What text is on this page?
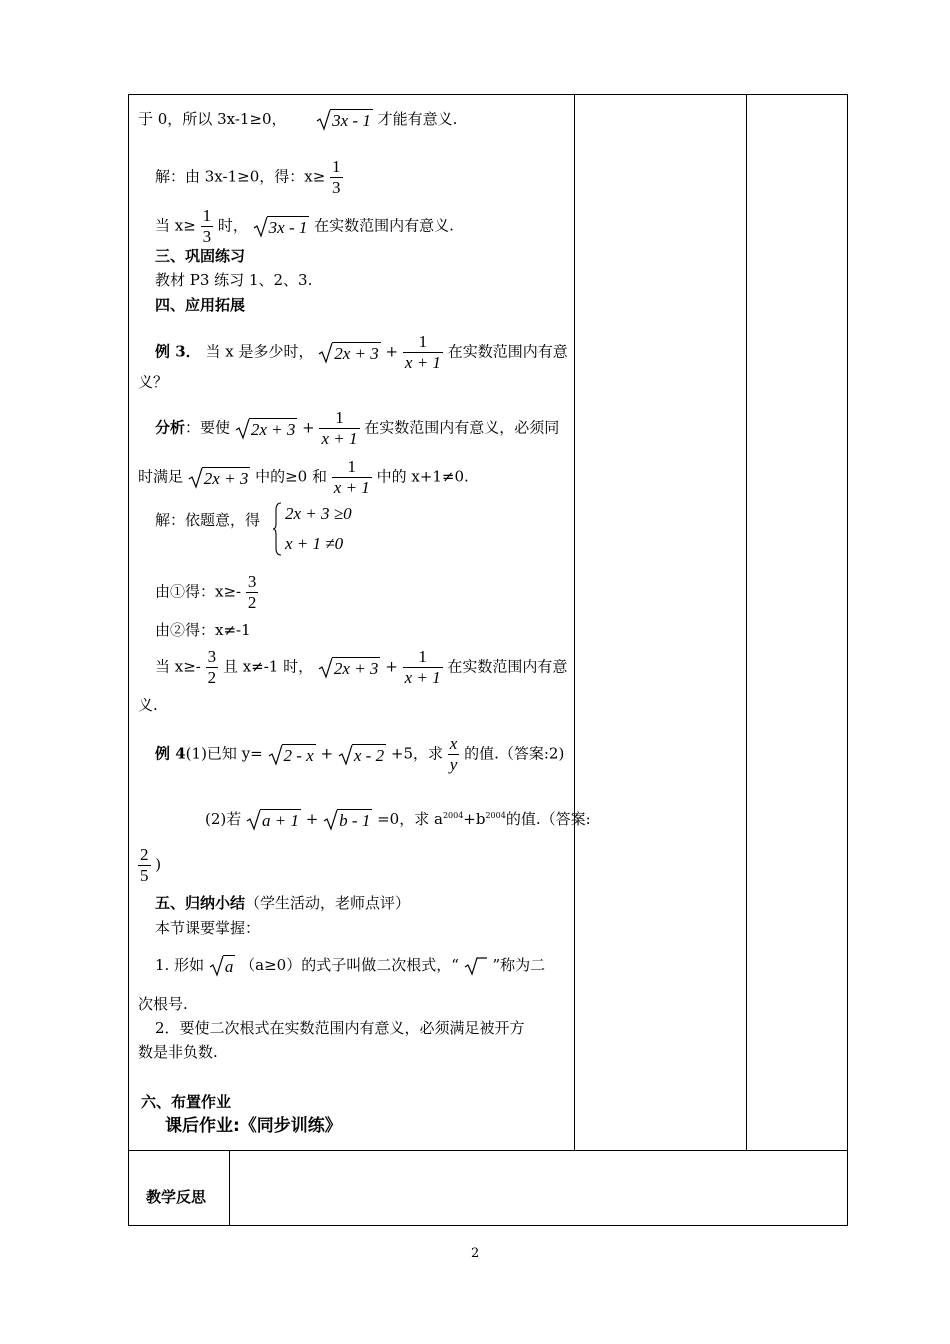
于 0，所以 3x-1≥0，	3x - 1 才能有意义.
解：由 3x-1≥0，得：$x\ge \frac{1}{3}$
当 $x\ge \frac{1}{3}$ 时， 3x - 1 在实数范围内有意义.
三、巩固练习
教材 P3 练习 1、2、3.
四、应用拓展
例 3． 当 x 是多少时， $2x + 3 + \frac{1}{x + 1}$ 在实数范围内有意
义？
分析：要使 $2x + 3 + \frac{1}{x + 1}$ 在实数范围内有意义，必须同
时满足 2x + 3 中的≥0 和 $\frac{1}{x + 1}$ 中的 x+1≠0.
解：依题意，得 2x + 3 ≥0
x + 1 ≠0
由①得：$x\ge- \frac{3}{2}$
由②得：x≠-1
当 $x\ge- \frac{3}{2}$ 且 x≠-1 时， $2x + 3 + \frac{1}{x + 1}$ 在实数范围内有意
义.
例 4(1)已知 y= 2 - x + x - 2 +5，求 $\frac{x}{y}$ 的值.（答案:2)
(2)若 a + 1 + b - 1 =0，求 $a^{2004}+b^{2004}$的值.（答案:
$\frac{2}{5}$ )
五、归纳小结（学生活动，老师点评）
本节课要掌握：
1. 形如 a （a≥0）的式子叫做二次根式，“ ”称为二
次根号.
2．要使二次根式在实数范围内有意义，必须满足被开方
数是非负数.
六、布置作业
课后作业:《同步训练》
教学反思
2
